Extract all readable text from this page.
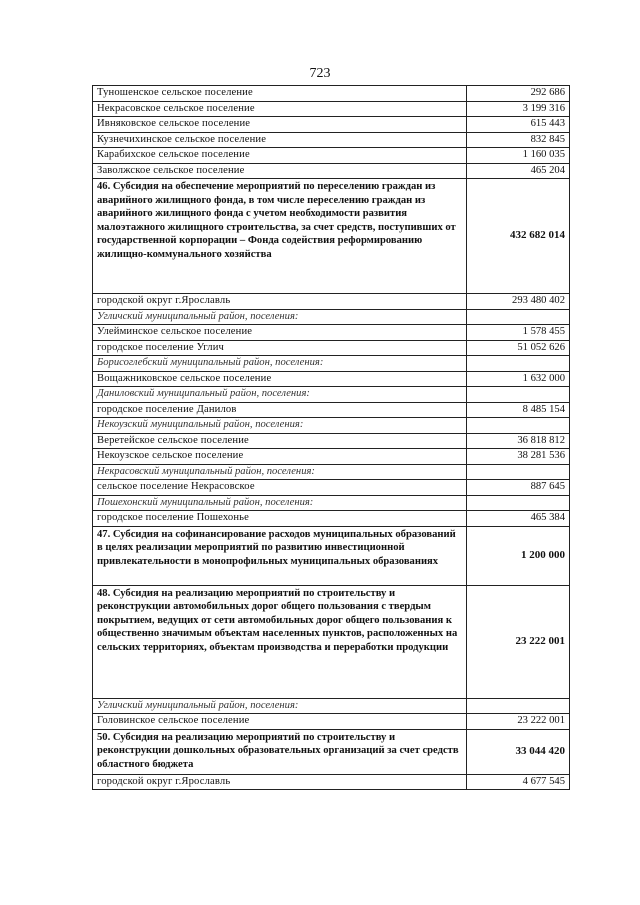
723
Туношенское сельское поселение	292 686
Некрасовское сельское поселение	3 199 316
Ивняковское сельское поселение	615 443
Кузнечихинское сельское поселение	832 845
Карабихское сельское поселение	1 160 035
Заволжское сельское поселение	465 204
46. Субсидия на обеспечение мероприятий по переселению граждан из аварийного жилищного фонда, в том числе переселению граждан из аварийного жилищного фонда с учетом необходимости развития малоэтажного жилищного строительства, за счет средств, поступивших от государственной корпорации – Фонда содействия реформированию жилищно-коммунального хозяйства	432 682 014
городской округ г.Ярославль	293 480 402
Угличский муниципальный район, поселения:	
Улейминское сельское поселение	1 578 455
городское поселение Углич	51 052 626
Борисоглебский муниципальный район, поселения:	
Вощажниковское сельское поселение	1 632 000
Даниловский муниципальный район, поселения:	
городское поселение Данилов	8 485 154
Некоузский муниципальный район, поселения:	
Веретейское сельское поселение	36 818 812
Некоузское сельское поселение	38 281 536
Некрасовский муниципальный район, поселения:	
сельское поселение Некрасовское	887 645
Пошехонский муниципальный район, поселения:	
городское поселение Пошехонье	465 384
47. Субсидия на софинансирование расходов муниципальных образований в целях реализации мероприятий по развитию инвестиционной привлекательности в монопрофильных муниципальных образованиях	1 200 000
48. Субсидия на реализацию мероприятий по строительству и реконструкции автомобильных дорог общего пользования с твердым покрытием, ведущих от сети автомобильных дорог общего пользования к общественно значимым объектам населенных пунктов, расположенных на сельских территориях, объектам производства и переработки продукции	23 222 001
Угличский муниципальный район, поселения:	
Головинское сельское поселение	23 222 001
50. Субсидия на реализацию мероприятий по строительству и реконструкции дошкольных образовательных организаций за счет средств областного бюджета	33 044 420
городской округ г.Ярославль	4 677 545
